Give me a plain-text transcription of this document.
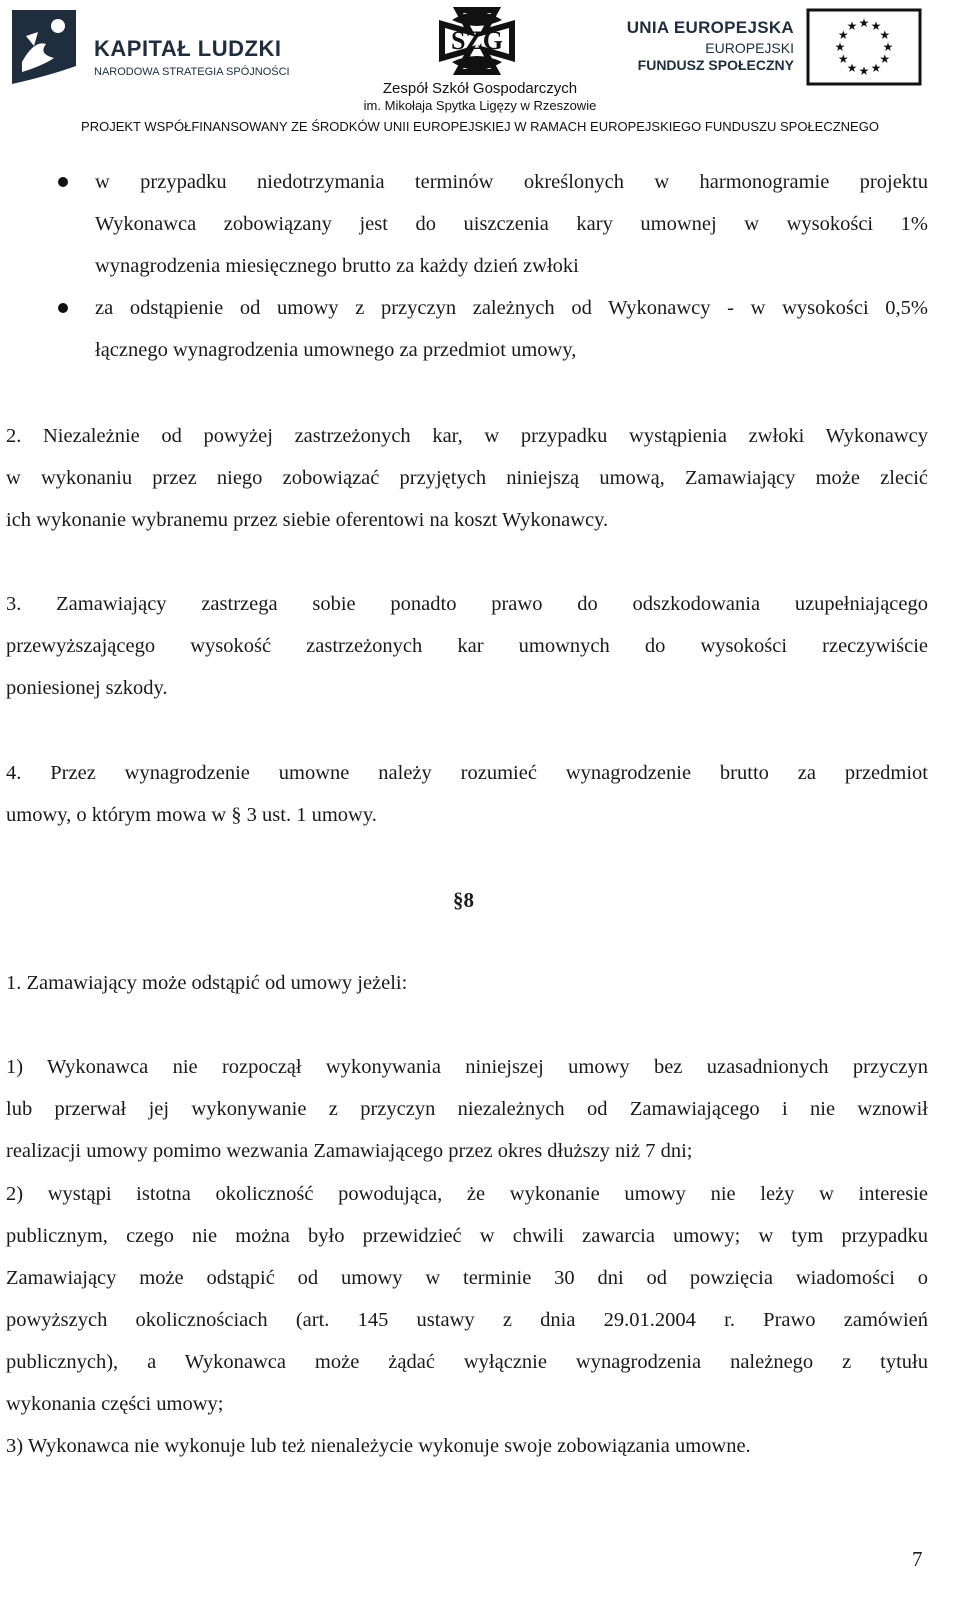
KAPITAŁ LUDZKI
NARODOWA STRATEGIA SPÓJNOŚCI
SZG
Zespół Szkół Gospodarczych
im. Mikołaja Spytka Ligęzy w Rzeszowie
UNIA EUROPEJSKA
EUROPEJSKI
FUNDUSZ SPOŁECZNY
★ ★
★
★
★
★
★
★
★
★
★
★
PROJEKT WSPÓŁFINANSOWANY ZE ŚRODKÓW UNII EUROPEJSKIEJ W RAMACH EUROPEJSKIEGO FUNDUSZU SPOŁECZNEGO
w przypadku niedotrzymania terminów określonych w harmonogramie projektu
Wykonawca zobowiązany jest do uiszczenia kary umownej w wysokości 1%
wynagrodzenia miesięcznego brutto za każdy dzień zwłoki
za odstąpienie od umowy z przyczyn zależnych od Wykonawcy - w wysokości 0,5%
łącznego wynagrodzenia umownego za przedmiot umowy,
2. Niezależnie od powyżej zastrzeżonych kar, w przypadku wystąpienia zwłoki Wykonawcy
w wykonaniu przez niego zobowiązać przyjętych niniejszą umową, Zamawiający może zlecić
ich wykonanie wybranemu przez siebie oferentowi na koszt Wykonawcy.
3. Zamawiający zastrzega sobie ponadto prawo do odszkodowania uzupełniającego
przewyższającego wysokość zastrzeżonych kar umownych do wysokości rzeczywiście
poniesionej szkody.
4. Przez wynagrodzenie umowne należy rozumieć wynagrodzenie brutto za przedmiot
umowy, o którym mowa w § 3 ust. 1 umowy.
§8
1. Zamawiający może odstąpić od umowy jeżeli:
1) Wykonawca nie rozpoczął wykonywania niniejszej umowy bez uzasadnionych przyczyn
lub przerwał jej wykonywanie z przyczyn niezależnych od Zamawiającego i nie wznowił
realizacji umowy pomimo wezwania Zamawiającego przez okres dłuższy niż 7 dni;
2) wystąpi istotna okoliczność powodująca, że wykonanie umowy nie leży w interesie
publicznym, czego nie można było przewidzieć w chwili zawarcia umowy; w tym przypadku
Zamawiający może odstąpić od umowy w terminie 30 dni od powzięcia wiadomości o
powyższych okolicznościach (art. 145 ustawy z dnia 29.01.2004 r. Prawo zamówień
publicznych), a Wykonawca może żądać wyłącznie wynagrodzenia należnego z tytułu
wykonania części umowy;
3) Wykonawca nie wykonuje lub też nienależycie wykonuje swoje zobowiązania umowne.
7
